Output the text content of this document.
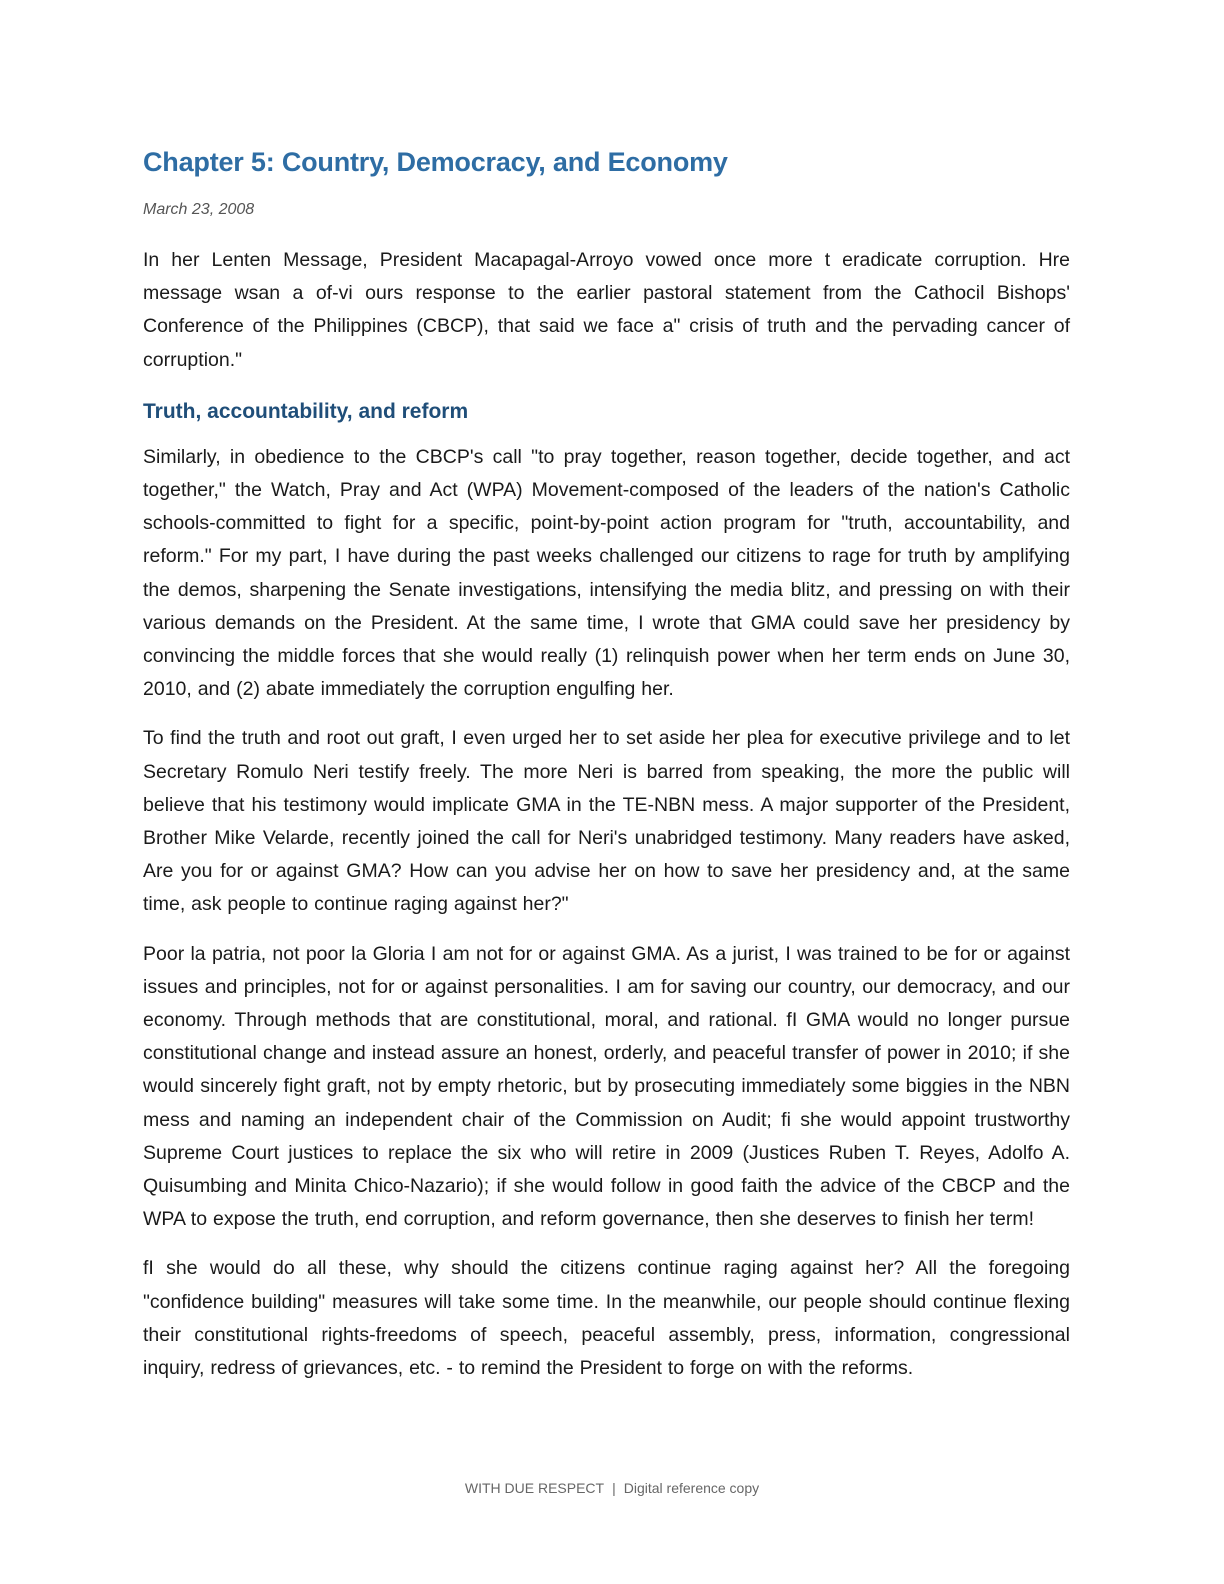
Chapter 5: Country, Democracy, and Economy

March 23, 2008

In her Lenten Message, President Macapagal-Arroyo vowed once more t eradicate corruption. Hre message wsan a of-vi ours response to the earlier pastoral statement from the Cathocil Bishops' Conference of the Philippines (CBCP), that said we face a" crisis of truth and the pervading cancer of corruption."

Truth, accountability, and reform

Similarly, in obedience to the CBCP's call "to pray together, reason together, decide together, and act together," the Watch, Pray and Act (WPA) Movement-composed of the leaders of the nation's Catholic schools-committed to fight for a specific, point-by-point action program for "truth, accountability, and reform." For my part, I have during the past weeks challenged our citizens to rage for truth by amplifying the demos, sharpening the Senate investigations, intensifying the media blitz, and pressing on with their various demands on the President. At the same time, I wrote that GMA could save her presidency by convincing the middle forces that she would really (1) relinquish power when her term ends on June 30, 2010, and (2) abate immediately the corruption engulfing her.

To find the truth and root out graft, I even urged her to set aside her plea for executive privilege and to let Secretary Romulo Neri testify freely. The more Neri is barred from speaking, the more the public will believe that his testimony would implicate GMA in the TE-NBN mess. A major supporter of the President, Brother Mike Velarde, recently joined the call for Neri's unabridged testimony. Many readers have asked, Are you for or against GMA? How can you advise her on how to save her presidency and, at the same time, ask people to continue raging against her?"

Poor la patria, not poor la Gloria I am not for or against GMA. As a jurist, I was trained to be for or against issues and principles, not for or against personalities. I am for saving our country, our democracy, and our economy. Through methods that are constitutional, moral, and rational. fI GMA would no longer pursue constitutional change and instead assure an honest, orderly, and peaceful transfer of power in 2010; if she would sincerely fight graft, not by empty rhetoric, but by prosecuting immediately some biggies in the NBN mess and naming an independent chair of the Commission on Audit; fi she would appoint trustworthy Supreme Court justices to replace the six who will retire in 2009 (Justices Ruben T. Reyes, Adolfo A. Quisumbing and Minita Chico-Nazario); if she would follow in good faith the advice of the CBCP and the WPA to expose the truth, end corruption, and reform governance, then she deserves to finish her term!

fI she would do all these, why should the citizens continue raging against her? All the foregoing "confidence building" measures will take some time. In the meanwhile, our people should continue flexing their constitutional rights-freedoms of speech, peaceful assembly, press, information, congressional inquiry, redress of grievances, etc. - to remind the President to forge on with the reforms.

WITH DUE RESPECT | Digital reference copy
